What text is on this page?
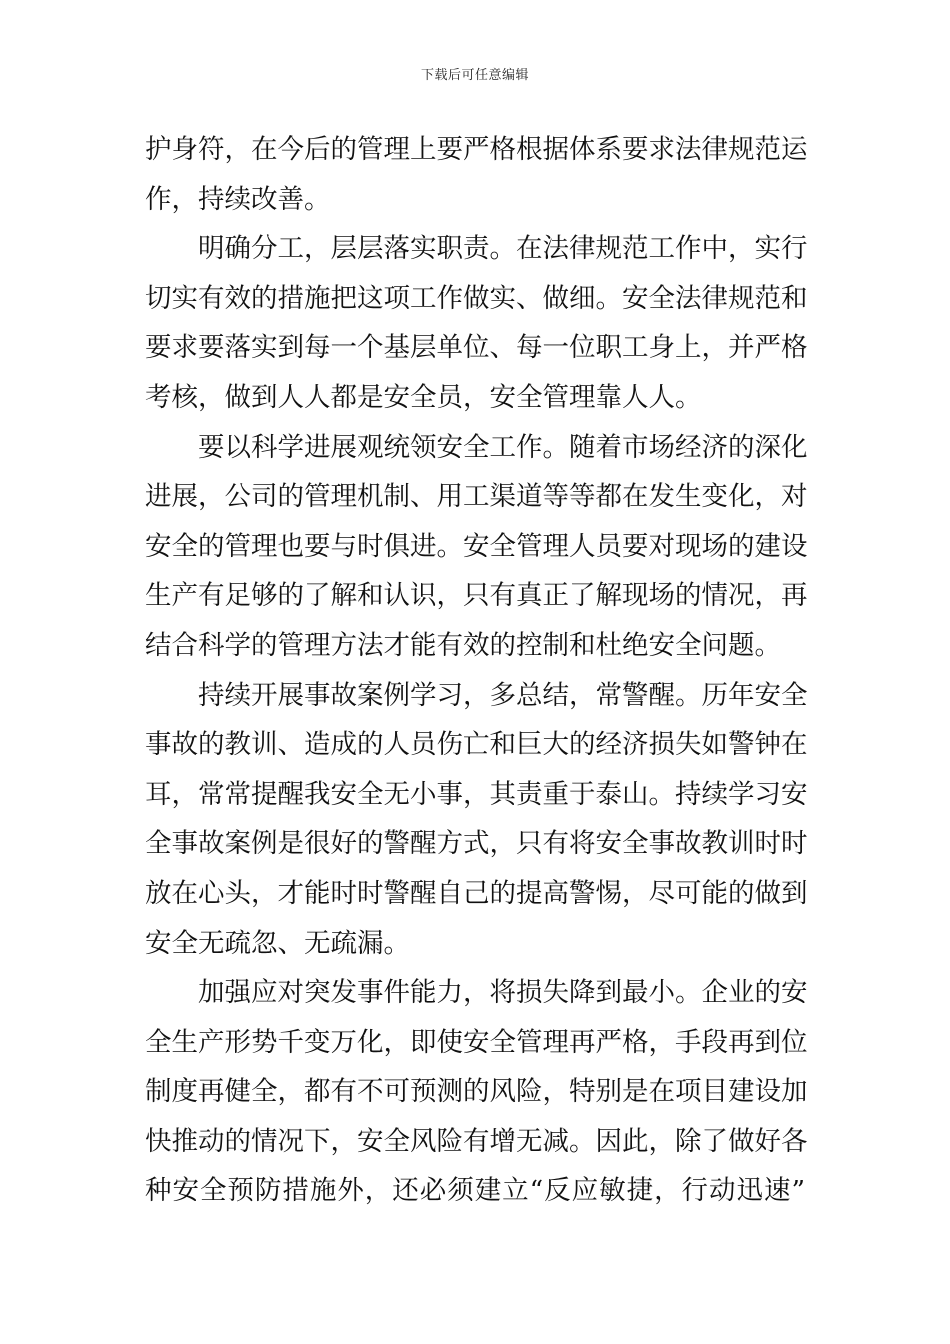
下载后可任意编辑
护身符，在今后的管理上要严格根据体系要求法律规范运
作，持续改善。
明确分工，层层落实职责。在法律规范工作中，实行
切实有效的措施把这项工作做实、做细。安全法律规范和
要求要落实到每一个基层单位、每一位职工身上，并严格
考核，做到人人都是安全员，安全管理靠人人。
要以科学进展观统领安全工作。随着市场经济的深化
进展，公司的管理机制、用工渠道等等都在发生变化，对
安全的管理也要与时俱进。安全管理人员要对现场的建设
生产有足够的了解和认识，只有真正了解现场的情况，再
结合科学的管理方法才能有效的控制和杜绝安全问题。
持续开展事故案例学习，多总结，常警醒。历年安全
事故的教训、造成的人员伤亡和巨大的经济损失如警钟在
耳，常常提醒我安全无小事，其责重于泰山。持续学习安
全事故案例是很好的警醒方式，只有将安全事故教训时时
放在心头，才能时时警醒自己的提高警惕，尽可能的做到
安全无疏忽、无疏漏。
加强应对突发事件能力，将损失降到最小。企业的安
全生产形势千变万化，即使安全管理再严格，手段再到位
制度再健全，都有不可预测的风险，特别是在项目建设加
快推动的情况下，安全风险有增无减。因此，除了做好各
种安全预防措施外，还必须建立“反应敏捷，行动迅速”
